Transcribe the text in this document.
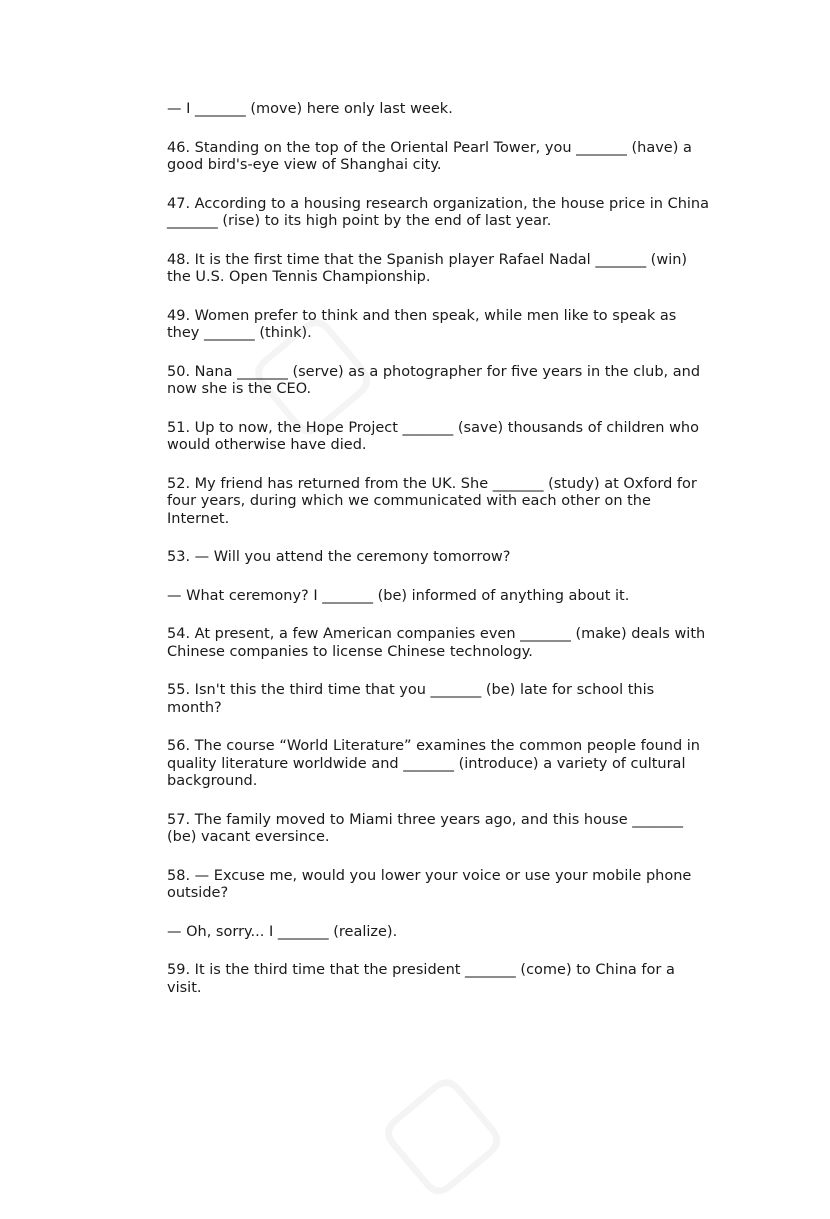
— I _______ (move) here only last week.

46. Standing on the top of the Oriental Pearl Tower, you _______ (have) a good bird's-eye view of Shanghai city.

47. According to a housing research organization, the house price in China _______ (rise) to its high point by the end of last year.

48. It is the first time that the Spanish player Rafael Nadal _______ (win) the U.S. Open Tennis Championship.

49. Women prefer to think and then speak, while men like to speak as they _______ (think).

50. Nana _______ (serve) as a photographer for five years in the club, and now she is the CEO.

51. Up to now, the Hope Project _______ (save) thousands of children who would otherwise have died.

52. My friend has returned from the UK. She _______ (study) at Oxford for four years, during which we communicated with each other on the Internet.

53. — Will you attend the ceremony tomorrow?

— What ceremony? I _______ (be) informed of anything about it.

54. At present, a few American companies even _______ (make) deals with Chinese companies to license Chinese technology.

55. Isn't this the third time that you _______ (be) late for school this month?

56. The course “World Literature” examines the common people found in quality literature worldwide and _______ (introduce) a variety of cultural background.

57. The family moved to Miami three years ago, and this house _______ (be) vacant eversince.

58. — Excuse me, would you lower your voice or use your mobile phone outside?

— Oh, sorry... I _______ (realize).

59. It is the third time that the president _______ (come) to China for a visit.
